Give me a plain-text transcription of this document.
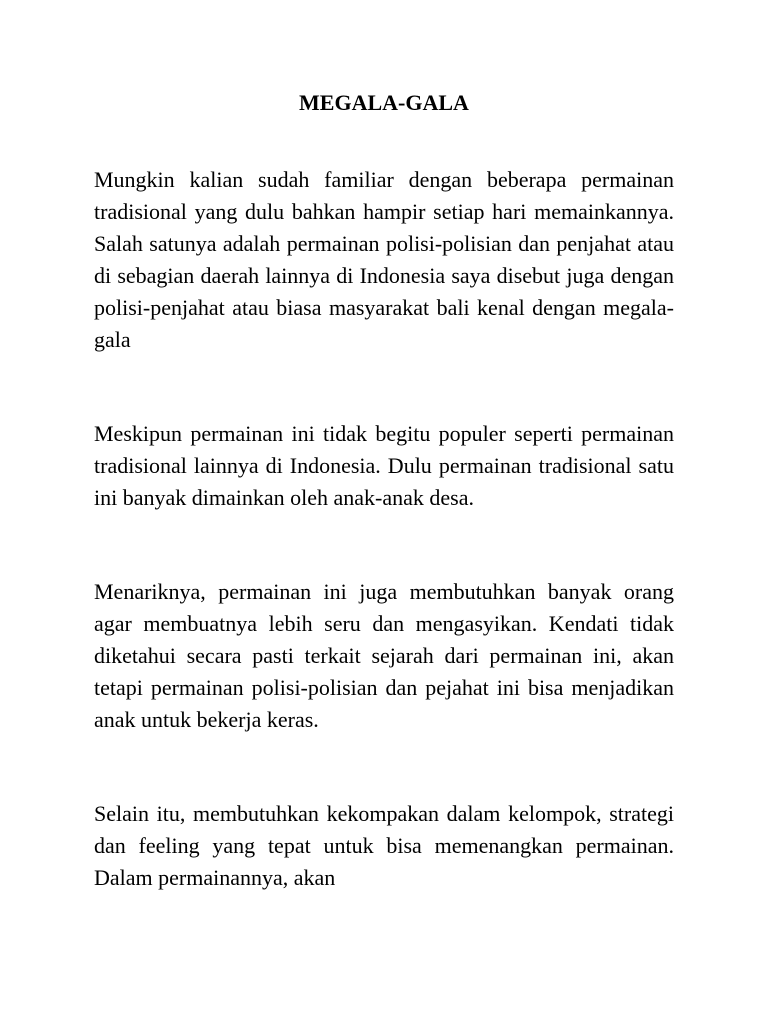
MEGALA-GALA

Mungkin kalian sudah familiar dengan beberapa permainan tradisional yang dulu bahkan hampir setiap hari memainkannya. Salah satunya adalah permainan polisi-polisian dan penjahat atau di sebagian daerah lainnya di Indonesia saya disebut juga dengan polisi-penjahat atau biasa masyarakat bali kenal dengan megala-gala

Meskipun permainan ini tidak begitu populer seperti permainan tradisional lainnya di Indonesia. Dulu permainan tradisional satu ini banyak dimainkan oleh anak-anak desa.

Menariknya, permainan ini juga membutuhkan banyak orang agar membuatnya lebih seru dan mengasyikan. Kendati tidak diketahui secara pasti terkait sejarah dari permainan ini, akan tetapi permainan polisi-polisian dan pejahat ini bisa menjadikan anak untuk bekerja keras.

Selain itu, membutuhkan kekompakan dalam kelompok, strategi dan feeling yang tepat untuk bisa memenangkan permainan. Dalam permainannya, akan
